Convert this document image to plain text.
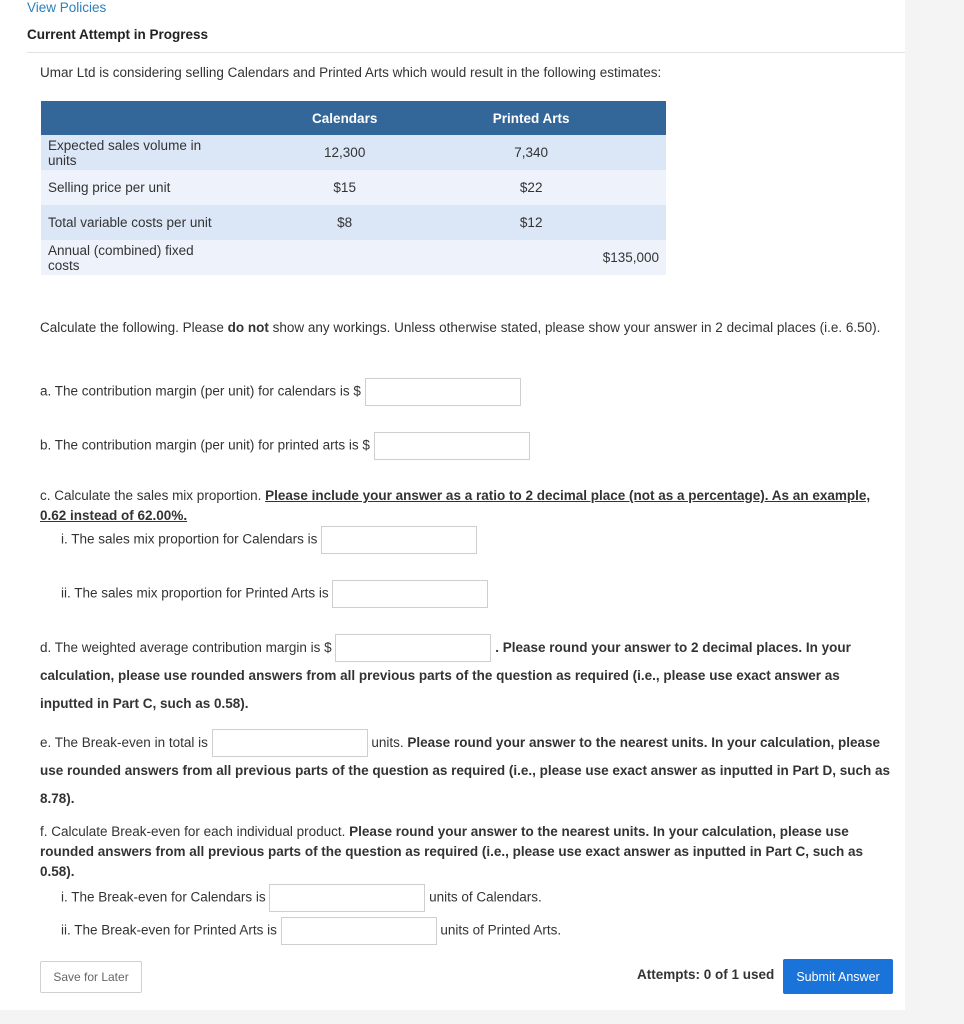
View Policies
Current Attempt in Progress
Umar Ltd is considering selling Calendars and Printed Arts which would result in the following estimates:
	Calendars	Printed Arts	
Expected sales volume in units	12,300	7,340	
Selling price per unit	$15	$22	
Total variable costs per unit	$8	$12	
Annual (combined) fixed costs			$135,000
Calculate the following. Please do not show any workings. Unless otherwise stated, please show your answer in 2 decimal places (i.e. 6.50).
a. The contribution margin (per unit) for calendars is $
b. The contribution margin (per unit) for printed arts is $
c. Calculate the sales mix proportion. Please include your answer as a ratio to 2 decimal place (not as a percentage). As an example, 0.62 instead of 62.00%.
i. The sales mix proportion for Calendars is
ii. The sales mix proportion for Printed Arts is
d. The weighted average contribution margin is $	. Please round your answer to 2 decimal places. In your calculation, please use rounded answers from all previous parts of the question as required (i.e., please use exact answer as inputted in Part C, such as 0.58).
e. The Break-even in total is	units. Please round your answer to the nearest units. In your calculation, please use rounded answers from all previous parts of the question as required (i.e., please use exact answer as inputted in Part D, such as 8.78).
f. Calculate Break-even for each individual product. Please round your answer to the nearest units. In your calculation, please use rounded answers from all previous parts of the question as required (i.e., please use exact answer as inputted in Part C, such as 0.58).
i. The Break-even for Calendars is	units of Calendars.
ii. The Break-even for Printed Arts is	units of Printed Arts.
Save for Later	Attempts: 0 of 1 used	Submit Answer
